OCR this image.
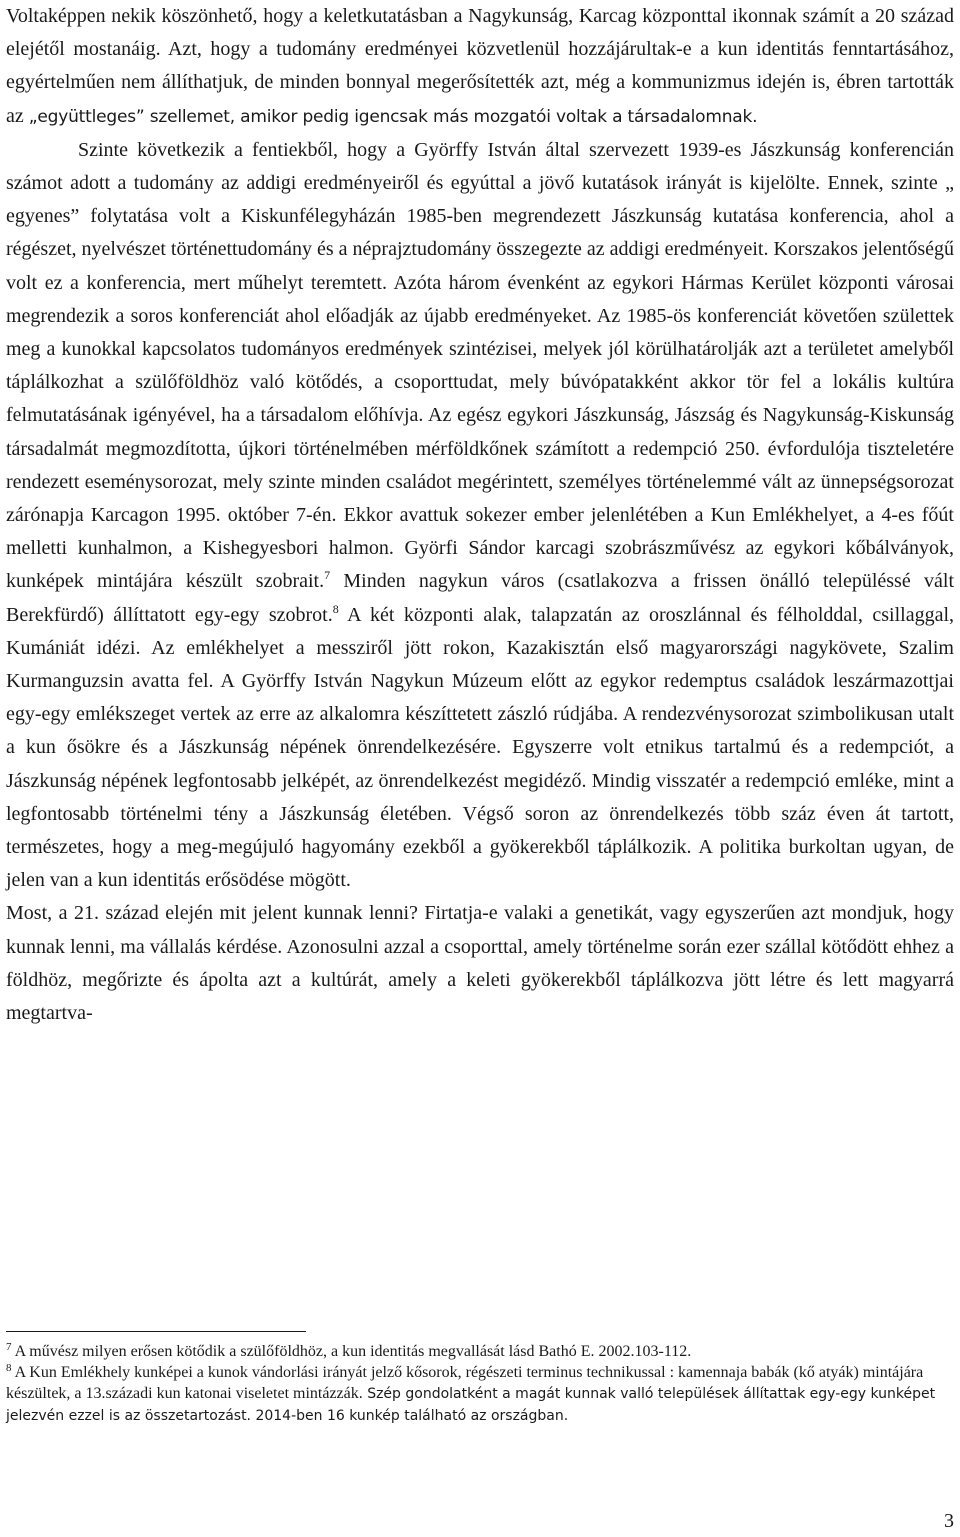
Voltaképpen nekik köszönhető, hogy a keletkutatásban a Nagykunság, Karcag központtal ikonnak számít a 20 század elejétől mostanáig. Azt, hogy a tudomány eredményei közvetlenül hozzájárultak-e a kun identitás fenntartásához, egyértelműen nem állíthatjuk, de minden bonnyal megerősítették azt, még a kommunizmus idején is, ébren tartották az „együttleges” szellemet, amikor pedig igencsak más mozgatói voltak a társadalomnak.

Szinte következik a fentiekből, hogy a Györffy István által szervezett 1939-es Jászkunság konferencián számot adott a tudomány az addigi eredményeiről és egyúttal a jövő kutatások irányát is kijelölte. Ennek, szinte „ egyenes” folytatása volt a Kiskunfélegyházán 1985-ben megrendezett Jászkunság kutatása konferencia, ahol a régészet, nyelvészet történettudomány és a néprajztudomány összegezte az addigi eredményeit. Korszakos jelentőségű volt ez a konferencia, mert műhelyt teremtett. Azóta három évenként az egykori Hármas Kerület központi városai megrendezik a soros konferenciát ahol előadják az újabb eredményeket. Az 1985-ös konferenciát követően születtek meg a kunokkal kapcsolatos tudományos eredmények szintézisei, melyek jól körülhatárolják azt a területet amelyből táplálkozhat a szülőföldhöz való kötődés, a csoporttudat, mely búvópatakként akkor tör fel a lokális kultúra felmutatásának igényével, ha a társadalom előhívja. Az egész egykori Jászkunság, Jászság és Nagykunság-Kiskunság társadalmát megmozdította, újkori történelmében mérföldkőnek számított a redempció 250. évfordulója tiszteletére rendezett eseménysorozat, mely szinte minden családot megérintett, személyes történelemmé vált az ünnepségsorozat zárónapja Karcagon 1995. október 7-én. Ekkor avattuk sokezer ember jelenlétében a Kun Emlékhelyet, a 4-es főút melletti kunhalmon, a Kishegyesbori halmon. Györfi Sándor karcagi szobrászművész az egykori kőbálványok, kunképek mintájára készült szobrait.$^7$ Minden nagykun város (csatlakozva a frissen önálló településsé vált Berekfürdő) állíttatott egy-egy szobrot.$^8$ A két központi alak, talapzatán az oroszlánnal és félholddal, csillaggal, Kumániát idézi. Az emlékhelyet a messziről jött rokon, Kazakisztán első magyarországi nagykövete, Szalim Kurmanguzsin avatta fel. A Györffy István Nagykun Múzeum előtt az egykor redemptus családok leszármazottjai egy-egy emlékszeget vertek az erre az alkalomra készíttetett zászló rúdjába. A rendezvénysorozat szimbolikusan utalt a kun ősökre és a Jászkunság népének önrendelkezésére. Egyszerre volt etnikus tartalmú és a redempciót, a Jászkunság népének legfontosabb jelképét, az önrendelkezést megidéző. Mindig visszatér a redempció emléke, mint a legfontosabb történelmi tény a Jászkunság életében. Végső soron az önrendelkezés több száz éven át tartott, természetes, hogy a meg-megújuló hagyomány ezekből a gyökerekből táplálkozik. A politika burkoltan ugyan, de jelen van a kun identitás erősödése mögött.

Most, a 21. század elején mit jelent kunnak lenni? Firtatja-e valaki a genetikát, vagy egyszerűen azt mondjuk, hogy kunnak lenni, ma vállalás kérdése. Azonosulni azzal a csoporttal, amely történelme során ezer szállal kötődött ehhez a földhöz, megőrizte és ápolta azt a kultúrát, amely a keleti gyökerekből táplálkozva jött létre és lett magyarrá megtartva-

$^7$ A művész milyen erősen kötődik a szülőföldhöz, a kun identitás megvallását lásd Bathó E. 2002.103-112.

$^8$ A Kun Emlékhely kunképei a kunok vándorlási irányát jelző kősorok, régészeti terminus technikussal : kamennaja babák (kő atyák) mintájára készültek, a 13.századi kun katonai viseletet mintázzák. Szép gondolatként a magát kunnak valló települések állítattak egy-egy kunképet jelezvén ezzel is az összetartozást. 2014-ben 16 kunkép található az országban.

3
